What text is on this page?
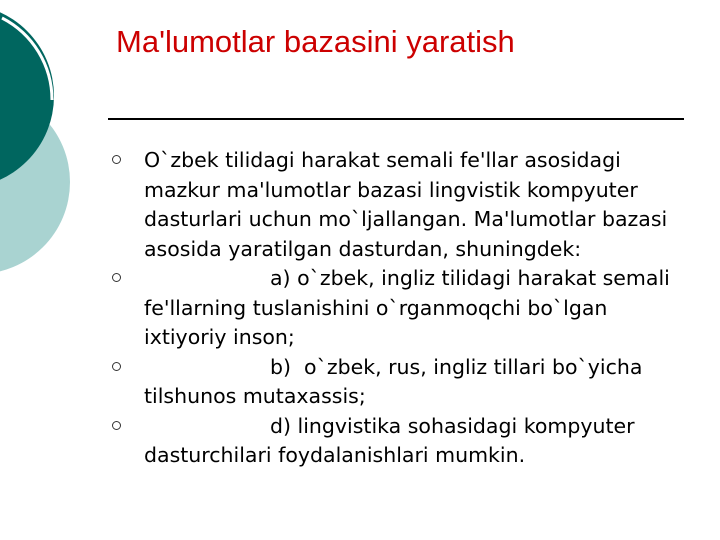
Ma'lumotlar bazasini yaratish
O`zbek tilidagi harakat semali fe'llar asosidagi mazkur ma'lumotlar bazasi lingvistik kompyuter dasturlari uchun mo`ljallangan. Ma'lumotlar bazasi asosida yaratilgan dasturdan, shuningdek:
a) o`zbek, ingliz tilidagi harakat semali fe'llarning tuslanishini o`rganmoqchi bo`lgan ixtiyoriy inson;
b)  o`zbek, rus, ingliz tillari bo`yicha tilshunos mutaxassis;
d) lingvistika sohasidagi kompyuter dasturchilari foydalanishlari mumkin.
